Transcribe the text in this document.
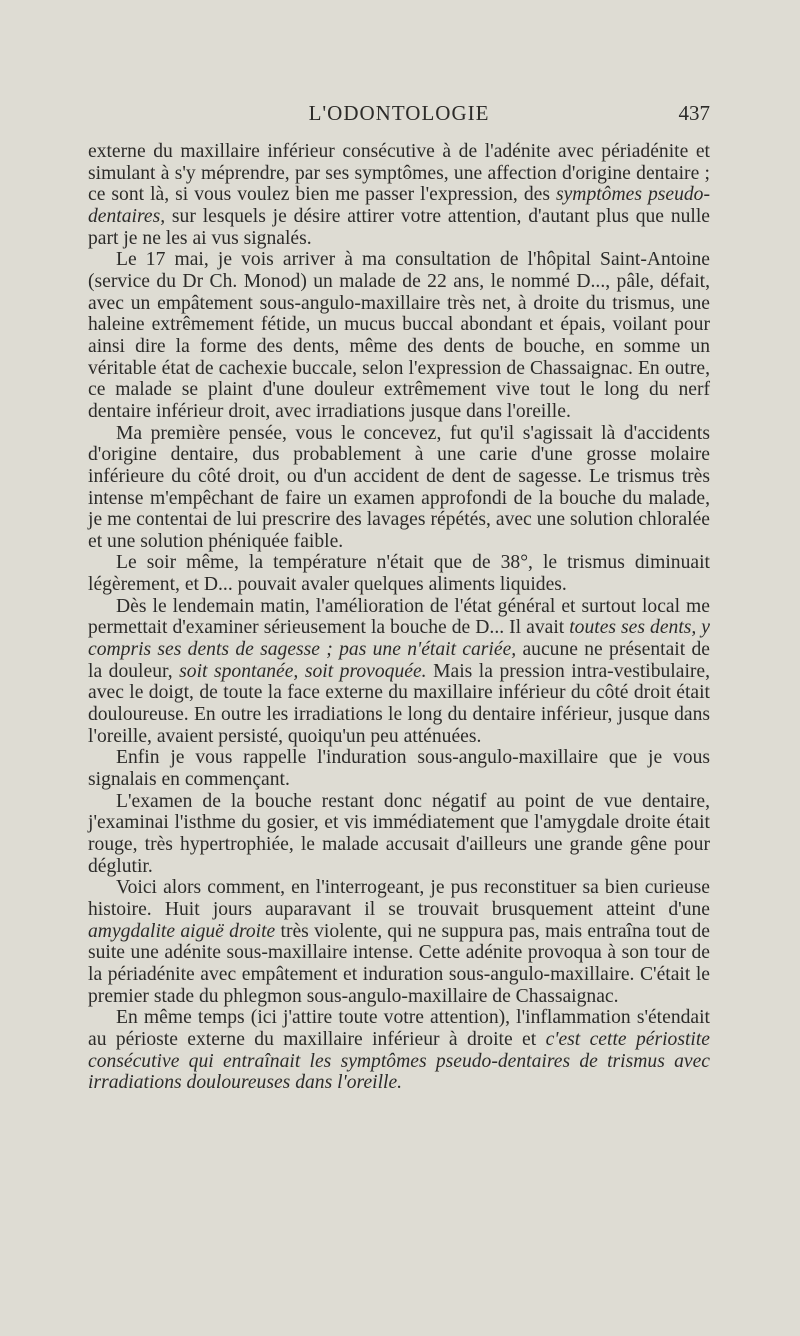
L'ODONTOLOGIE	437

externe du maxillaire inférieur consécutive à de l'adénite avec périadénite et simulant à s'y méprendre, par ses symptômes, une affection d'origine dentaire ; ce sont là, si vous voulez bien me passer l'expression, des symptômes pseudo-dentaires, sur lesquels je désire attirer votre attention, d'autant plus que nulle part je ne les ai vus signalés.

Le 17 mai, je vois arriver à ma consultation de l'hôpital Saint-Antoine (service du Dr Ch. Monod) un malade de 22 ans, le nommé D..., pâle, défait, avec un empâtement sous-angulo-maxillaire très net, à droite du trismus, une haleine extrêmement fétide, un mucus buccal abondant et épais, voilant pour ainsi dire la forme des dents, même des dents de bouche, en somme un véritable état de cachexie buccale, selon l'expression de Chassaignac. En outre, ce malade se plaint d'une douleur extrêmement vive tout le long du nerf dentaire inférieur droit, avec irradiations jusque dans l'oreille.

Ma première pensée, vous le concevez, fut qu'il s'agissait là d'accidents d'origine dentaire, dus probablement à une carie d'une grosse molaire inférieure du côté droit, ou d'un accident de dent de sagesse. Le trismus très intense m'empêchant de faire un examen approfondi de la bouche du malade, je me contentai de lui prescrire des lavages répétés, avec une solution chloralée et une solution phéniquée faible.

Le soir même, la température n'était que de 38°, le trismus diminuait légèrement, et D... pouvait avaler quelques aliments liquides.

Dès le lendemain matin, l'amélioration de l'état général et surtout local me permettait d'examiner sérieusement la bouche de D... Il avait toutes ses dents, y compris ses dents de sagesse ; pas une n'était cariée, aucune ne présentait de la douleur, soit spontanée, soit provoquée. Mais la pression intra-vestibulaire, avec le doigt, de toute la face externe du maxillaire inférieur du côté droit était douloureuse. En outre les irradiations le long du dentaire inférieur, jusque dans l'oreille, avaient persisté, quoiqu'un peu atténuées.

Enfin je vous rappelle l'induration sous-angulo-maxillaire que je vous signalais en commençant.

L'examen de la bouche restant donc négatif au point de vue dentaire, j'examinai l'isthme du gosier, et vis immédiatement que l'amygdale droite était rouge, très hypertrophiée, le malade accusait d'ailleurs une grande gêne pour déglutir.

Voici alors comment, en l'interrogeant, je pus reconstituer sa bien curieuse histoire. Huit jours auparavant il se trouvait brusquement atteint d'une amygdalite aiguë droite très violente, qui ne suppura pas, mais entraîna tout de suite une adénite sous-maxillaire intense. Cette adénite provoqua à son tour de la périadénite avec empâtement et induration sous-angulo-maxillaire. C'était le premier stade du phlegmon sous-angulo-maxillaire de Chassaignac.

En même temps (ici j'attire toute votre attention), l'inflammation s'étendait au périoste externe du maxillaire inférieur à droite et c'est cette périostite consécutive qui entraînait les symptômes pseudo-dentaires de trismus avec irradiations douloureuses dans l'oreille.
